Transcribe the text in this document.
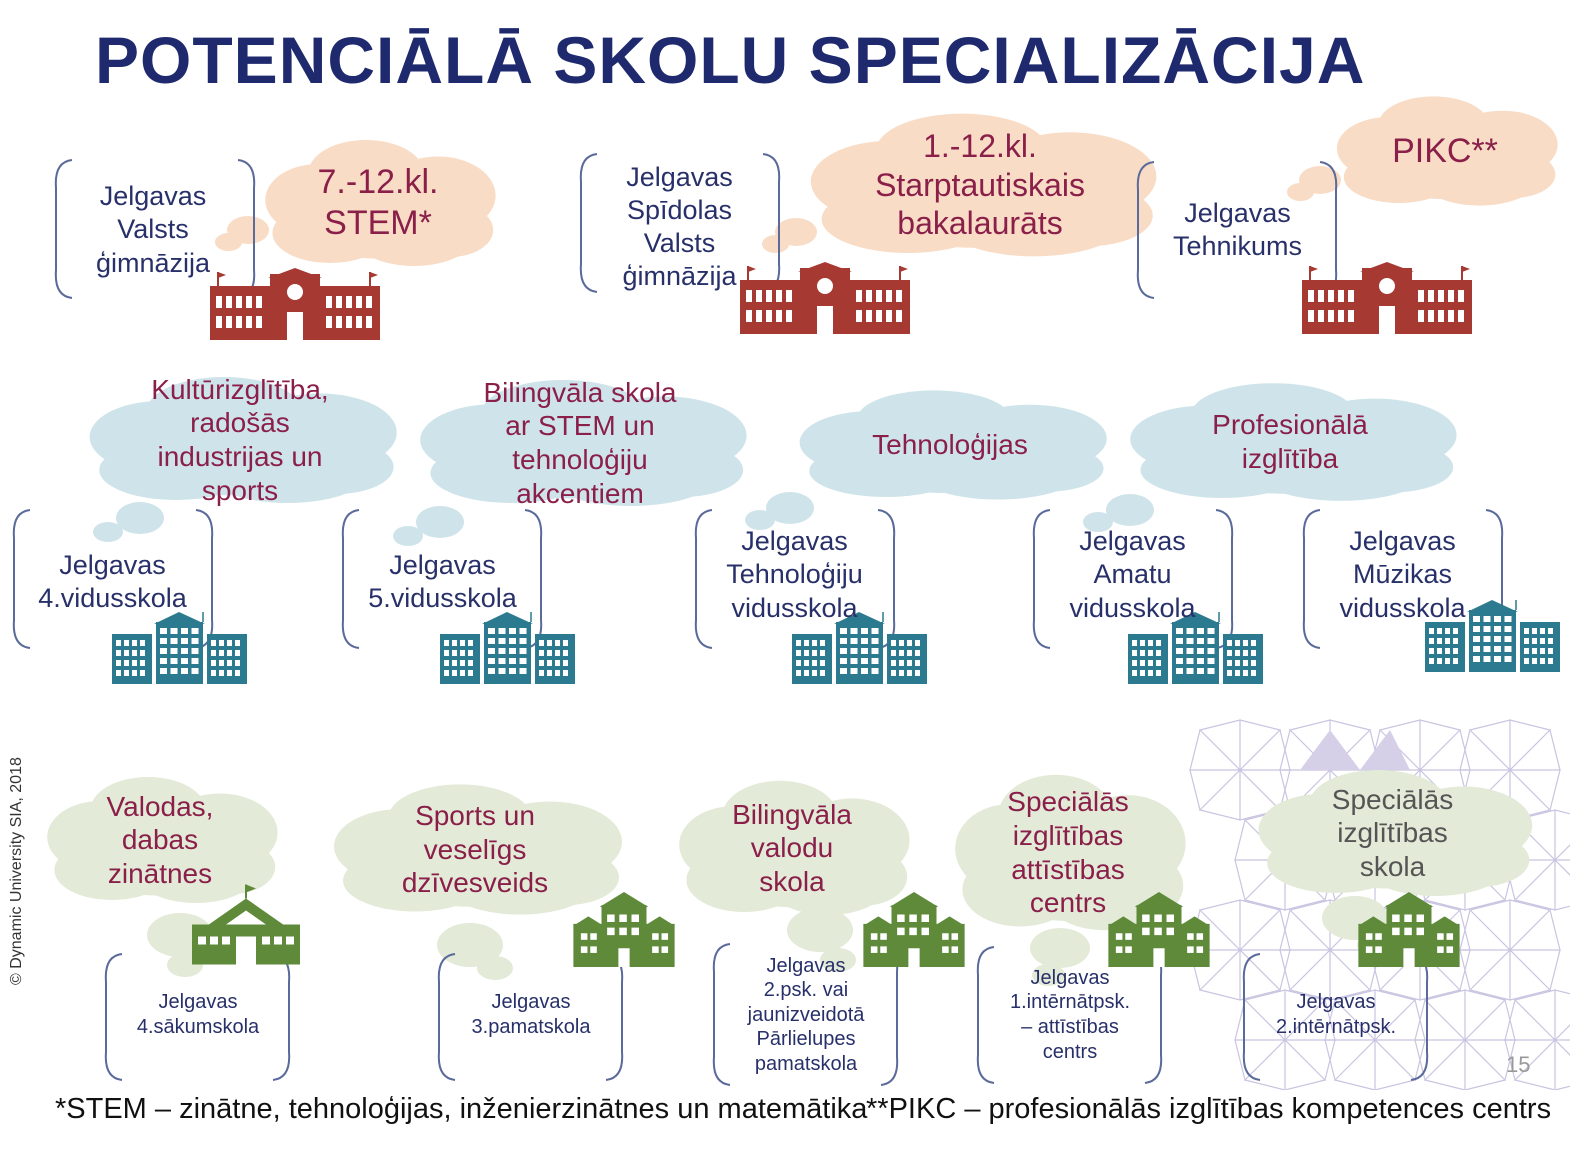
POTENCIĀLĀ SKOLU SPECIALIZĀCIJA
7.-12.kl.
STEM*
Jelgavas
Valsts
ģimnāzija
1.-12.kl.
Starptautiskais
bakalaurāts
Jelgavas
Spīdolas
Valsts
ģimnāzija
PIKC**
Jelgavas
Tehnikums
Kultūrizglītība,
radošās
industrijas un
sports
Jelgavas
4.vidusskola
Bilingvāla skola
ar STEM un
tehnoloģiju
akcentiem
Jelgavas
5.vidusskola
Tehnoloģijas
Jelgavas
Tehnoloģiju
vidusskola
Profesionālā
izglītība
Jelgavas
Amatu
vidusskola
Jelgavas
Mūzikas
vidusskola
Valodas,
dabas
zinātnes
Jelgavas
4.sākumskola
Sports un
veselīgs
dzīvesveids
Jelgavas
3.pamatskola
Bilingvāla
valodu
skola
Jelgavas
2.psk. vai
jaunizveidotā
Pārlielupes
pamatskola
Speciālās
izglītības
attīstības
centrs
Jelgavas
1.intērnātpsk.
– attīstības
centrs
Speciālās
izglītības
skola
Jelgavas
2.intērnātpsk.
*STEM – zinātne, tehnoloģijas, inženierzinātnes un matemātika
**PIKC – profesionālās izglītības kompetences centrs
© Dynamic University SIA, 2018
15
